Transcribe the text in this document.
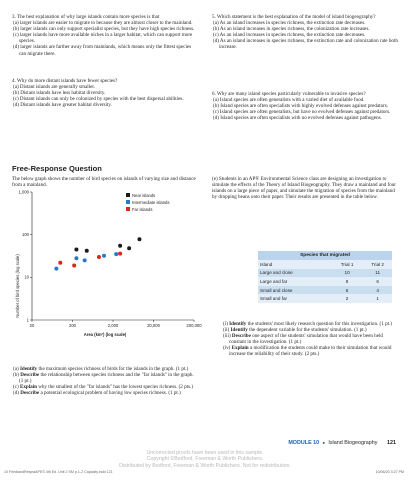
3. The best explanation of why large islands contain more species is that

(a) larger islands are easier to migrate to because they are almost closer to the mainland.

(b) larger islands can only support specialist species, but they have high species richness.

(c) larger islands have more available niches in a larger habitat, which can support more species.

(d) larger islands are farther away from mainlands, which means only the fittest species can migrate there.

4. Why do more distant islands have fewer species?

(a) Distant islands are generally smaller.

(b) Distant islands have less habitat diversity.

(c) Distant islands can only be colonized by species with the best dispersal abilities.

(d) Distant islands have greater habitat diversity.

5. Which statement is the best explanation of the model of island biogeography?

(a) As an island increases in species richness, the extinction rate decreases.

(b) As an island increases in species richness, the colonization rate increases.

(c) As an island increases in species richness, the extinction rate decreases.

(d) As an island increases in species richness, the extinction rate and colonization rate both increase.

6. Why are many island species particularly vulnerable to invasive species?

(a) Island species are often generalists with a varied diet of available food.

(b) Island species are often specialists with highly evolved defenses against predators.

(c) Island species are often generalists, but have no evolved defenses against predators.

(d) Island species are often specialists with no evolved defenses against pathogens.

Free-Response Question
The below graph shows the number of bird species on islands of varying size and distance from a mainland.
Number of bird species (log scale)
Area (km²) (log scale)
1
10
100
1,000
20	200	2,000	20,000	200,000
Near islands
Intermediate islands
Far islands

(a) Identify the maximum species richness of birds for the islands in the graph. (1 pt.)

(b) Describe the relationship between species richness and the "far islands" in the graph. (1 pt.)

(c) Explain why the smallest of the "far islands" has the lowest species richness. (2 pts.)

(d) Describe a potential ecological problem of having low species richness. (1 pt.)

(e) Students in an AP® Environmental Science class are designing an investigation to simulate the effects of the Theory of Island Biogeography. They draw a mainland and four islands on a large piece of paper, and simulate the migration of species from the mainland by dropping beans onto their paper. Their results are presented in the table below.
Species that migrated
Island	Trial 1	Trial 2
Large and close	10	11
Large and far	8	6
Small and close	5	4
Small and far	2	1

(i) Identify the students' most likely research question for this investigation. (1 pt.)

(ii) Identify the dependent variable for the students' simulation. (1 pt.)

(iii) Describe one aspect of the students' simulation that would have been held constant in the investigation. (1 pt.)

(iv) Explain a modification the students could make to their simulation that would increase the reliability of their study. (2 pts.)

MODULE 10 ■ Island Biogeography 121
Uncorrected proofs have been used in this sample.
Copyright ©Bedford, Freeman & Worth Publishers.
Distributed by Bedford, Freeman & Worth Publishers. Not for redistribution.
10 FriedlandRelyeaAPES 4th Ed. Unit 2 SM p.1-2 Capacity.indd 121	10/06/20 3:27 PM
